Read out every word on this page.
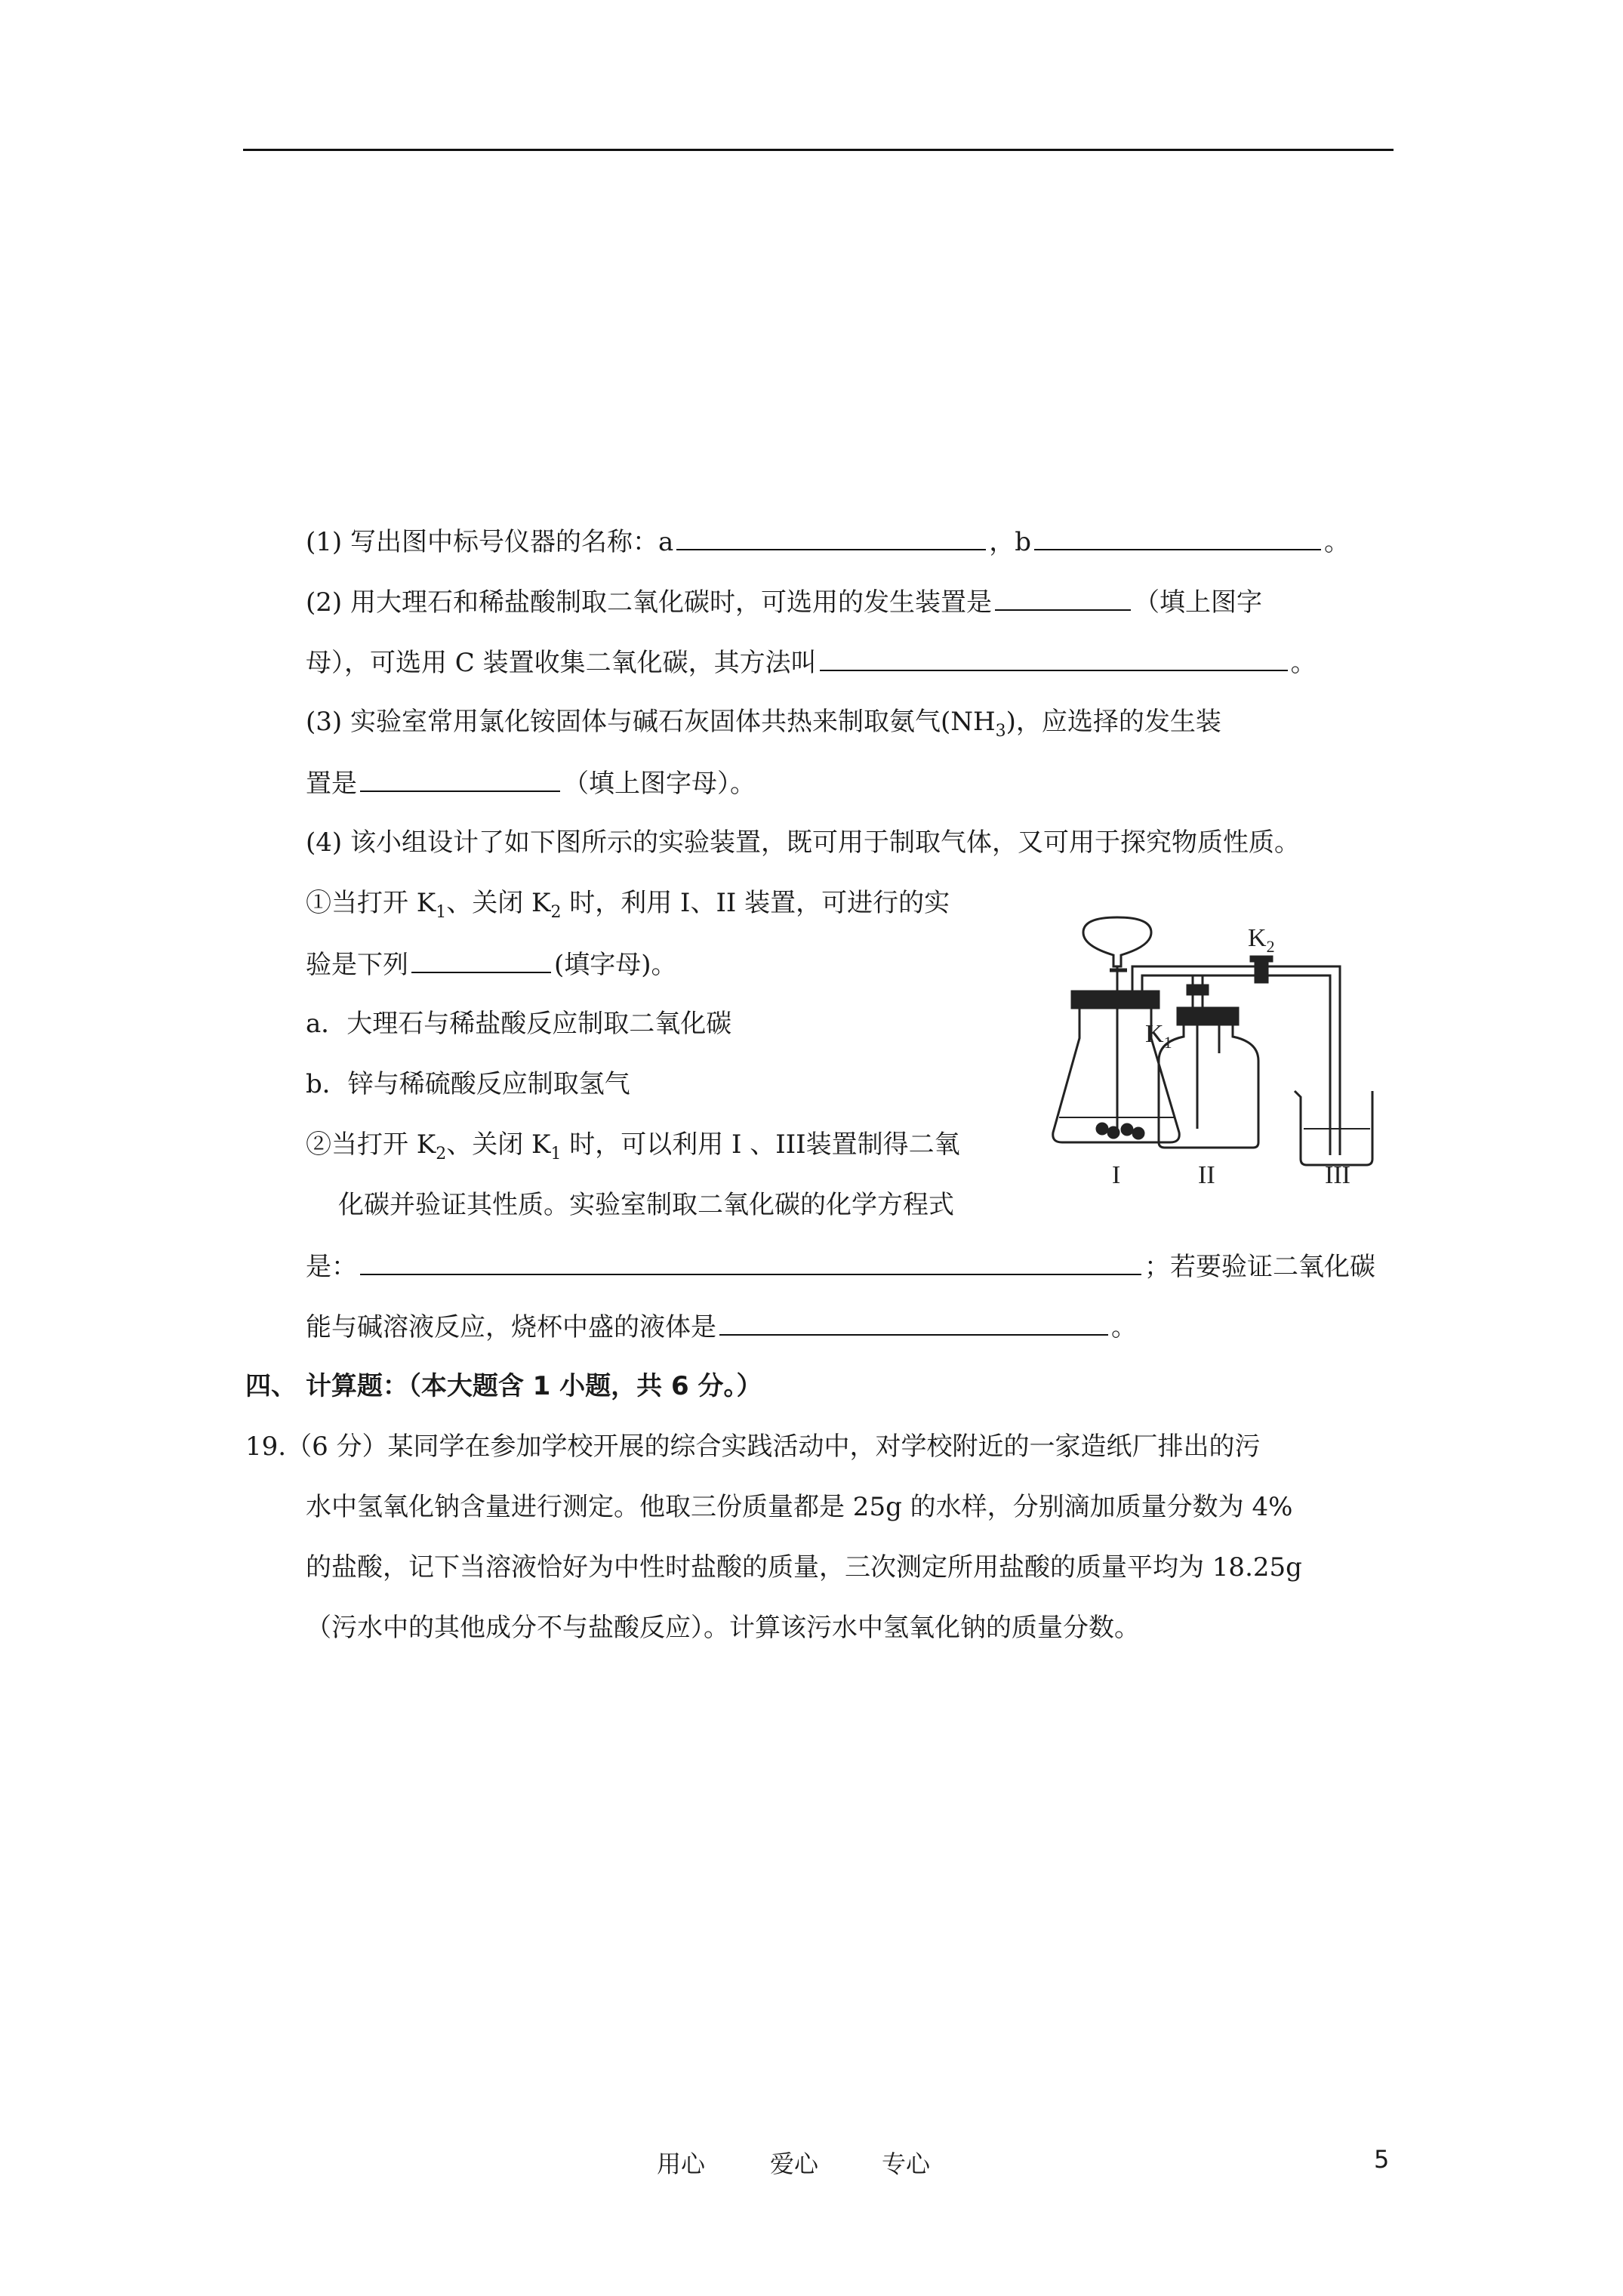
(1) 写出图中标号仪器的名称：a	，b	。
(2) 用大理石和稀盐酸制取二氧化碳时，可选用的发生装置是	（填上图字
母），可选用 C 装置收集二氧化碳，其方法叫	。
(3) 实验室常用氯化铵固体与碱石灰固体共热来制取氨气$(NH_3)$，应选择的发生装
置是	（填上图字母）。
(4) 该小组设计了如下图所示的实验装置，既可用于制取气体，又可用于探究物质性质。
①当打开 $K_1$、关闭 $K_2$ 时，利用 I、II 装置，可进行的实
验是下列	(填字母)。
a．大理石与稀盐酸反应制取二氧化碳
b．锌与稀硫酸反应制取氢气
②当打开 $K_2$、关闭 $K_1$ 时，可以利用 I 、III装置制得二氧
化碳并验证其性质。实验室制取二氧化碳的化学方程式
是：	；若要验证二氧化碳
能与碱溶液反应，烧杯中盛的液体是	。
$K_2$
$K_1$
I	II	III
四、 计算题：（本大题含 1 小题，共 6 分。）
19.（6 分）某同学在参加学校开展的综合实践活动中，对学校附近的一家造纸厂排出的污
水中氢氧化钠含量进行测定。他取三份质量都是 25g 的水样，分别滴加质量分数为 4%
的盐酸，记下当溶液恰好为中性时盐酸的质量，三次测定所用盐酸的质量平均为 18.25g
（污水中的其他成分不与盐酸反应）。计算该污水中氢氧化钠的质量分数。
用心	爱心	专心	5
